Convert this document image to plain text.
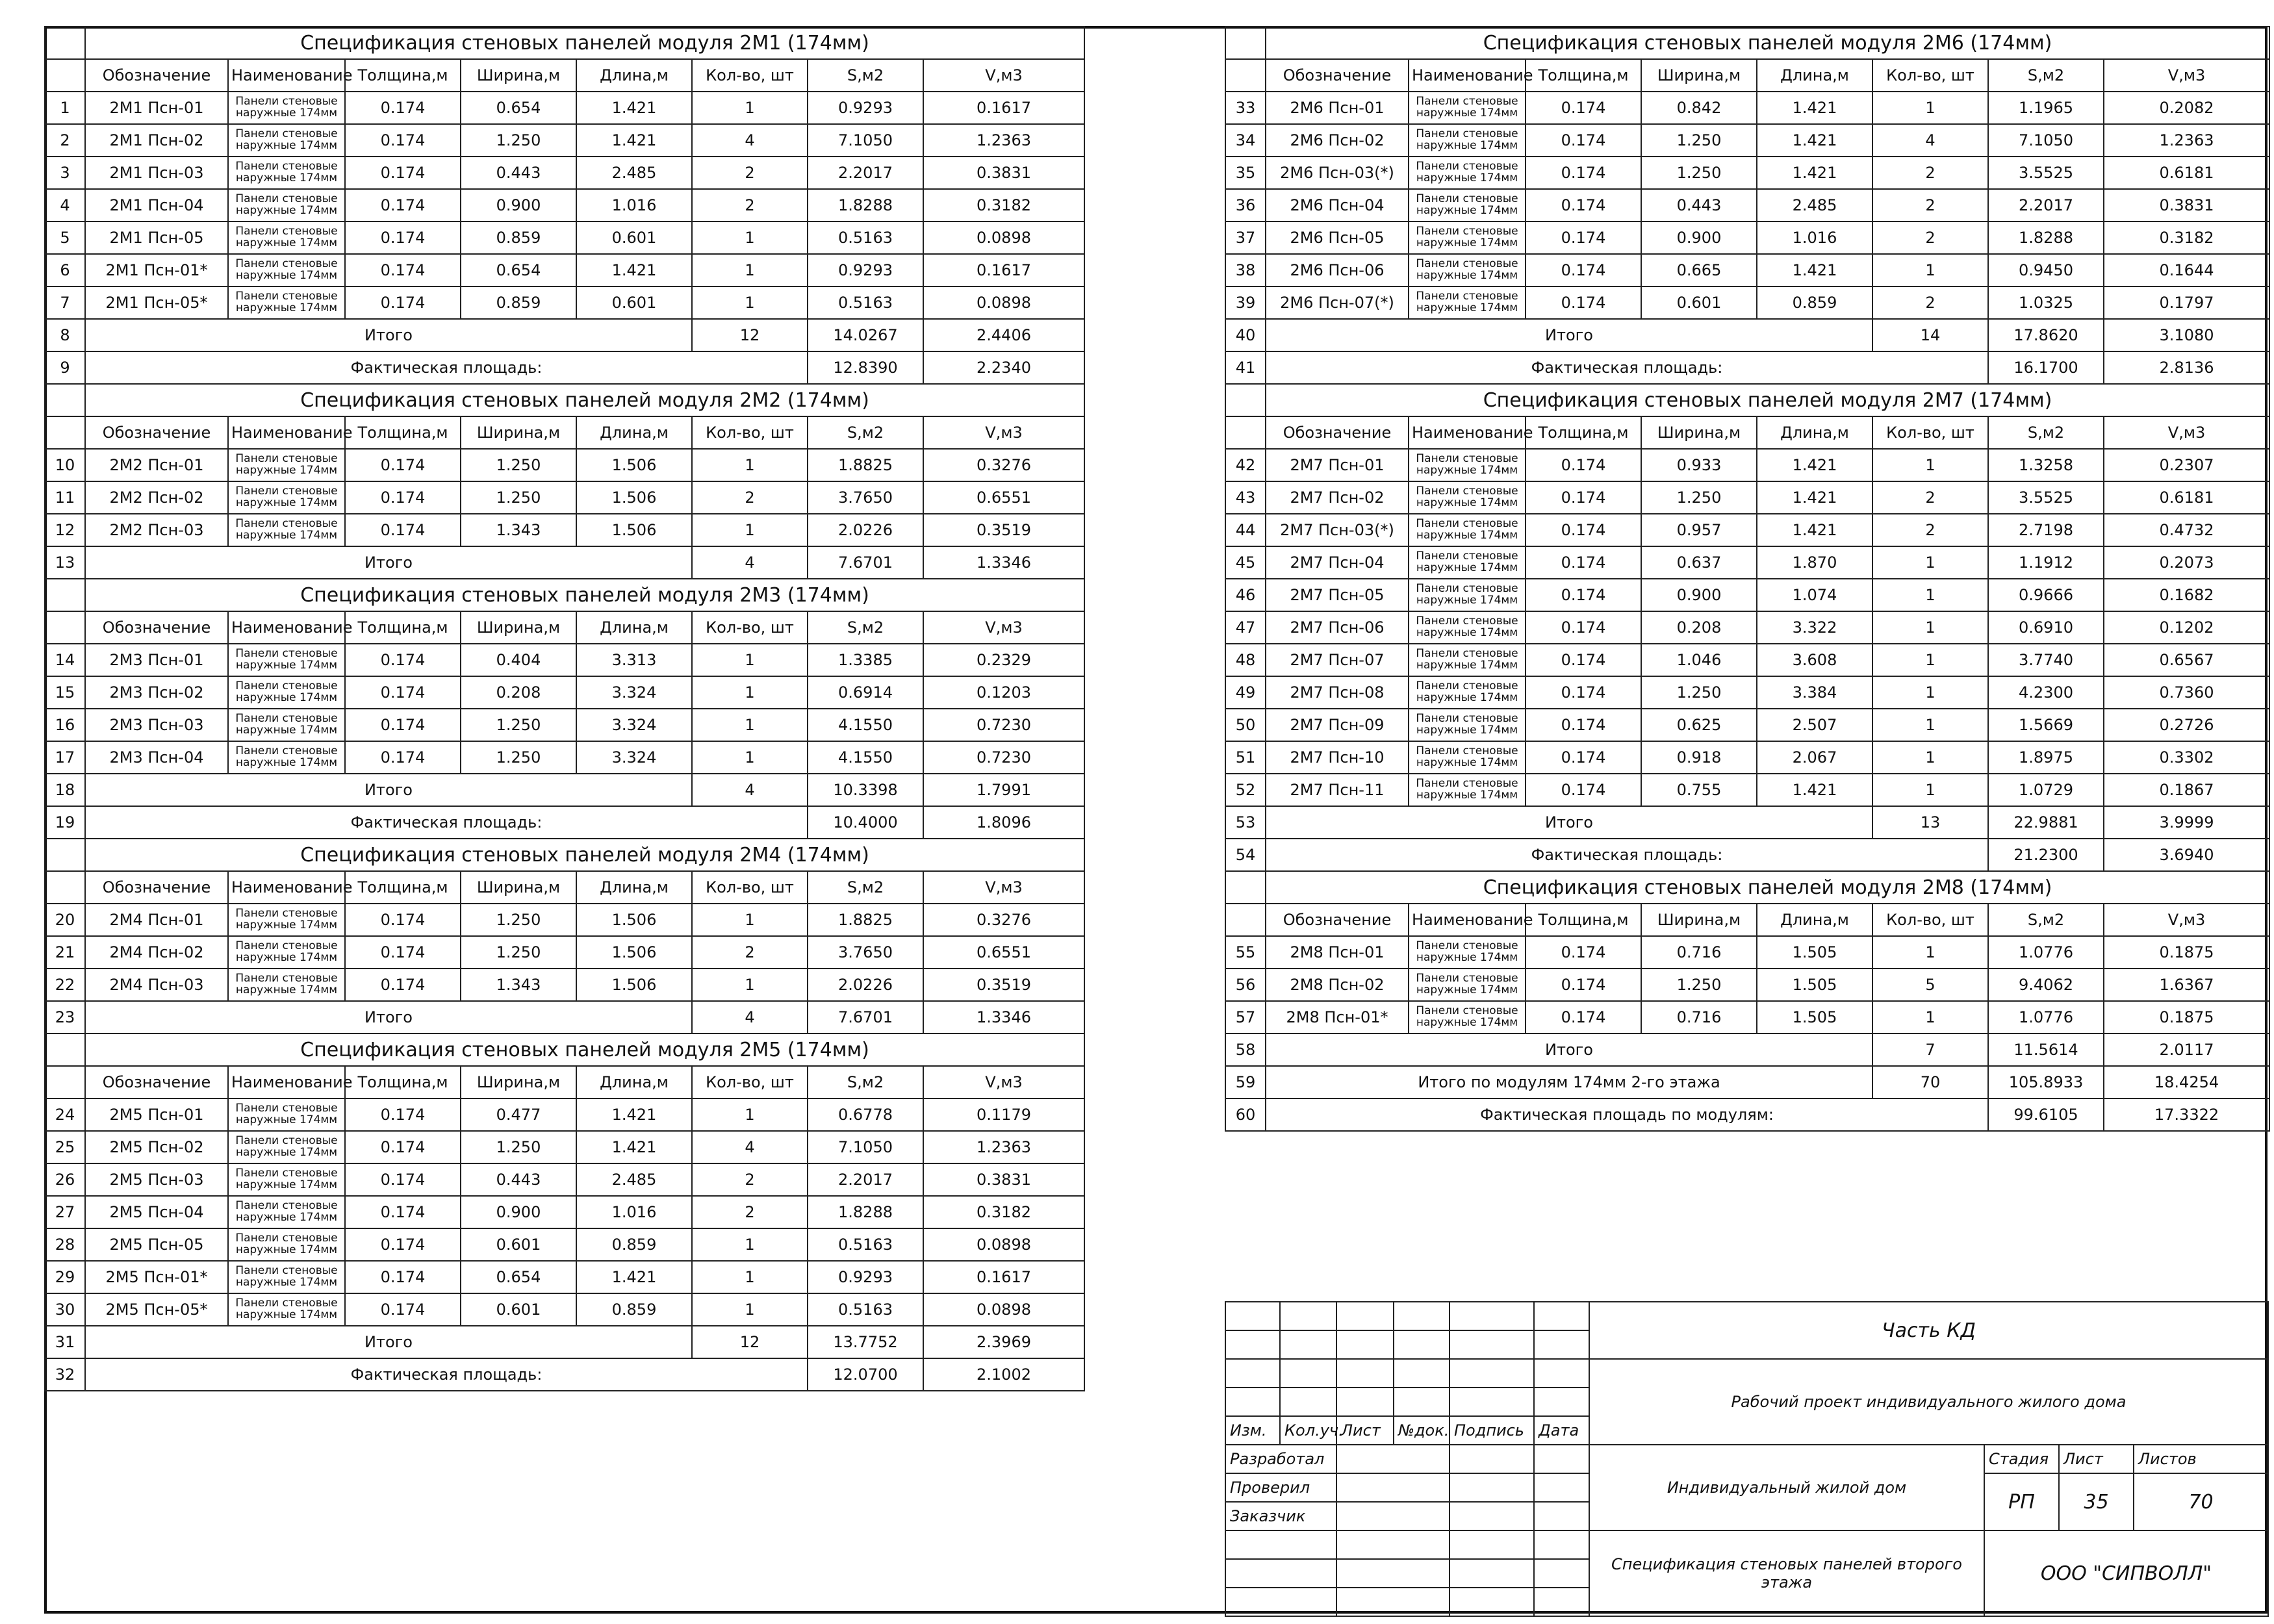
	Спецификация стеновых панелей модуля 2М1 (174мм)							
	Обозначение	Наименование	Толщина,м	Ширина,м	Длина,м	Кол-во, шт	S,м2	V,м3
1	2М1 Псн-01	Панели стеновые наружные 174мм	0.174	0.654	1.421	1	0.9293	0.1617
2	2М1 Псн-02	Панели стеновые наружные 174мм	0.174	1.250	1.421	4	7.1050	1.2363
3	2М1 Псн-03	Панели стеновые наружные 174мм	0.174	0.443	2.485	2	2.2017	0.3831
4	2М1 Псн-04	Панели стеновые наружные 174мм	0.174	0.900	1.016	2	1.8288	0.3182
5	2М1 Псн-05	Панели стеновые наружные 174мм	0.174	0.859	0.601	1	0.5163	0.0898
6	2М1 Псн-01*	Панели стеновые наружные 174мм	0.174	0.654	1.421	1	0.9293	0.1617
7	2М1 Псн-05*	Панели стеновые наружные 174мм	0.174	0.859	0.601	1	0.5163	0.0898
8	Итого					12	14.0267	2.4406
9	Фактическая площадь:						12.8390	2.2340
	Спецификация стеновых панелей модуля 2М2 (174мм)							
	Обозначение	Наименование	Толщина,м	Ширина,м	Длина,м	Кол-во, шт	S,м2	V,м3
10	2М2 Псн-01	Панели стеновые наружные 174мм	0.174	1.250	1.506	1	1.8825	0.3276
11	2М2 Псн-02	Панели стеновые наружные 174мм	0.174	1.250	1.506	2	3.7650	0.6551
12	2М2 Псн-03	Панели стеновые наружные 174мм	0.174	1.343	1.506	1	2.0226	0.3519
13	Итого					4	7.6701	1.3346
	Спецификация стеновых панелей модуля 2М3 (174мм)							
	Обозначение	Наименование	Толщина,м	Ширина,м	Длина,м	Кол-во, шт	S,м2	V,м3
14	2М3 Псн-01	Панели стеновые наружные 174мм	0.174	0.404	3.313	1	1.3385	0.2329
15	2М3 Псн-02	Панели стеновые наружные 174мм	0.174	0.208	3.324	1	0.6914	0.1203
16	2М3 Псн-03	Панели стеновые наружные 174мм	0.174	1.250	3.324	1	4.1550	0.7230
17	2М3 Псн-04	Панели стеновые наружные 174мм	0.174	1.250	3.324	1	4.1550	0.7230
18	Итого					4	10.3398	1.7991
19	Фактическая площадь:						10.4000	1.8096
	Спецификация стеновых панелей модуля 2М4 (174мм)							
	Обозначение	Наименование	Толщина,м	Ширина,м	Длина,м	Кол-во, шт	S,м2	V,м3
20	2М4 Псн-01	Панели стеновые наружные 174мм	0.174	1.250	1.506	1	1.8825	0.3276
21	2М4 Псн-02	Панели стеновые наружные 174мм	0.174	1.250	1.506	2	3.7650	0.6551
22	2М4 Псн-03	Панели стеновые наружные 174мм	0.174	1.343	1.506	1	2.0226	0.3519
23	Итого					4	7.6701	1.3346
	Спецификация стеновых панелей модуля 2М5 (174мм)							
	Обозначение	Наименование	Толщина,м	Ширина,м	Длина,м	Кол-во, шт	S,м2	V,м3
24	2М5 Псн-01	Панели стеновые наружные 174мм	0.174	0.477	1.421	1	0.6778	0.1179
25	2М5 Псн-02	Панели стеновые наружные 174мм	0.174	1.250	1.421	4	7.1050	1.2363
26	2М5 Псн-03	Панели стеновые наружные 174мм	0.174	0.443	2.485	2	2.2017	0.3831
27	2М5 Псн-04	Панели стеновые наружные 174мм	0.174	0.900	1.016	2	1.8288	0.3182
28	2М5 Псн-05	Панели стеновые наружные 174мм	0.174	0.601	0.859	1	0.5163	0.0898
29	2М5 Псн-01*	Панели стеновые наружные 174мм	0.174	0.654	1.421	1	0.9293	0.1617
30	2М5 Псн-05*	Панели стеновые наружные 174мм	0.174	0.601	0.859	1	0.5163	0.0898
31	Итого					12	13.7752	2.3969
32	Фактическая площадь:						12.0700	2.1002
	Спецификация стеновых панелей модуля 2М6 (174мм)							
	Обозначение	Наименование	Толщина,м	Ширина,м	Длина,м	Кол-во, шт	S,м2	V,м3
33	2М6 Псн-01	Панели стеновые наружные 174мм	0.174	0.842	1.421	1	1.1965	0.2082
34	2М6 Псн-02	Панели стеновые наружные 174мм	0.174	1.250	1.421	4	7.1050	1.2363
35	2М6 Псн-03(*)	Панели стеновые наружные 174мм	0.174	1.250	1.421	2	3.5525	0.6181
36	2М6 Псн-04	Панели стеновые наружные 174мм	0.174	0.443	2.485	2	2.2017	0.3831
37	2М6 Псн-05	Панели стеновые наружные 174мм	0.174	0.900	1.016	2	1.8288	0.3182
38	2М6 Псн-06	Панели стеновые наружные 174мм	0.174	0.665	1.421	1	0.9450	0.1644
39	2М6 Псн-07(*)	Панели стеновые наружные 174мм	0.174	0.601	0.859	2	1.0325	0.1797
40	Итого					14	17.8620	3.1080
41	Фактическая площадь:						16.1700	2.8136
	Спецификация стеновых панелей модуля 2М7 (174мм)							
	Обозначение	Наименование	Толщина,м	Ширина,м	Длина,м	Кол-во, шт	S,м2	V,м3
42	2М7 Псн-01	Панели стеновые наружные 174мм	0.174	0.933	1.421	1	1.3258	0.2307
43	2М7 Псн-02	Панели стеновые наружные 174мм	0.174	1.250	1.421	2	3.5525	0.6181
44	2М7 Псн-03(*)	Панели стеновые наружные 174мм	0.174	0.957	1.421	2	2.7198	0.4732
45	2М7 Псн-04	Панели стеновые наружные 174мм	0.174	0.637	1.870	1	1.1912	0.2073
46	2М7 Псн-05	Панели стеновые наружные 174мм	0.174	0.900	1.074	1	0.9666	0.1682
47	2М7 Псн-06	Панели стеновые наружные 174мм	0.174	0.208	3.322	1	0.6910	0.1202
48	2М7 Псн-07	Панели стеновые наружные 174мм	0.174	1.046	3.608	1	3.7740	0.6567
49	2М7 Псн-08	Панели стеновые наружные 174мм	0.174	1.250	3.384	1	4.2300	0.7360
50	2М7 Псн-09	Панели стеновые наружные 174мм	0.174	0.625	2.507	1	1.5669	0.2726
51	2М7 Псн-10	Панели стеновые наружные 174мм	0.174	0.918	2.067	1	1.8975	0.3302
52	2М7 Псн-11	Панели стеновые наружные 174мм	0.174	0.755	1.421	1	1.0729	0.1867
53	Итого					13	22.9881	3.9999
54	Фактическая площадь:						21.2300	3.6940
	Спецификация стеновых панелей модуля 2М8 (174мм)							
	Обозначение	Наименование	Толщина,м	Ширина,м	Длина,м	Кол-во, шт	S,м2	V,м3
55	2М8 Псн-01	Панели стеновые наружные 174мм	0.174	0.716	1.505	1	1.0776	0.1875
56	2М8 Псн-02	Панели стеновые наружные 174мм	0.174	1.250	1.505	5	9.4062	1.6367
57	2М8 Псн-01*	Панели стеновые наружные 174мм	0.174	0.716	1.505	1	1.0776	0.1875
58	Итого					7	11.5614	2.0117
59	Итого по модулям 174мм 2-го этажа					70	105.8933	18.4254
60	Фактическая площадь по модулям:						99.6105	17.3322
						Часть КД			

						Рабочий проект индивидуального жилого дома			

Изм.	Кол.уч.	Лист	№док.	Подпись	Дата				
Разработал						Индивидуальный жилой дом	Стадия	Лист	Листов
Проверил							РП	35	70
Заказчик									
						Спецификация стеновых панелей второго этажа	ООО "СИПВОЛЛ"		
